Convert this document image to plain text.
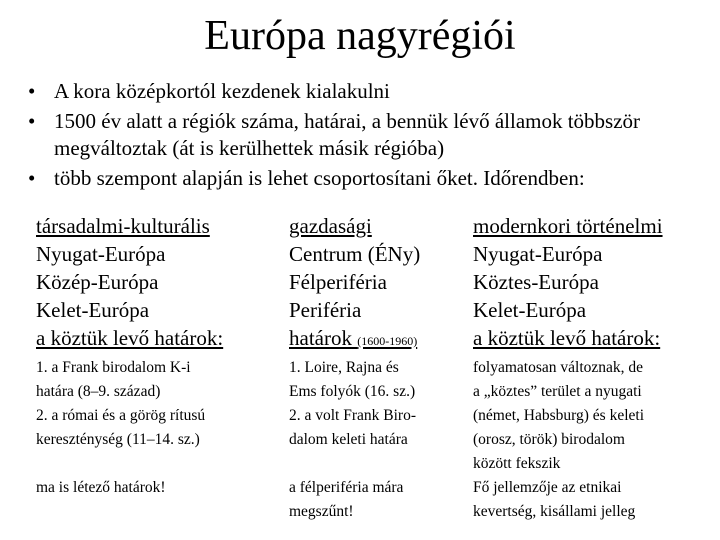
Európa nagyrégiói
• A kora középkortól kezdenek kialakulni
• 1500 év alatt a régiók száma, határai, a bennük lévő államok többször megváltoztak (át is kerülhettek másik régióba)
• több szempont alapján is lehet csoportosítani őket. Időrendben:
társadalmi-kulturális
Nyugat-Európa
Közép-Európa
Kelet-Európa
a köztük levő határok:
1. a Frank birodalom K-i
határa (8–9. század)
2. a római és a görög rítusú
kereszténység (11–14. sz.)
ma is létező határok!
gazdasági
Centrum (ÉNy)
Félperiféria
Periféria
határok (1600-1960)
1. Loire, Rajna és
Ems folyók (16. sz.)
2. a volt Frank Biro-
dalom keleti határa
a félperiféria mára
megszűnt!
modernkori történelmi
Nyugat-Európa
Köztes-Európa
Kelet-Európa
a köztük levő határok:
folyamatosan változnak, de
a „köztes” terület a nyugati
(német, Habsburg) és keleti
(orosz, török) birodalom
között fekszik
Fő jellemzője az etnikai
kevertség, kisállami jelleg
